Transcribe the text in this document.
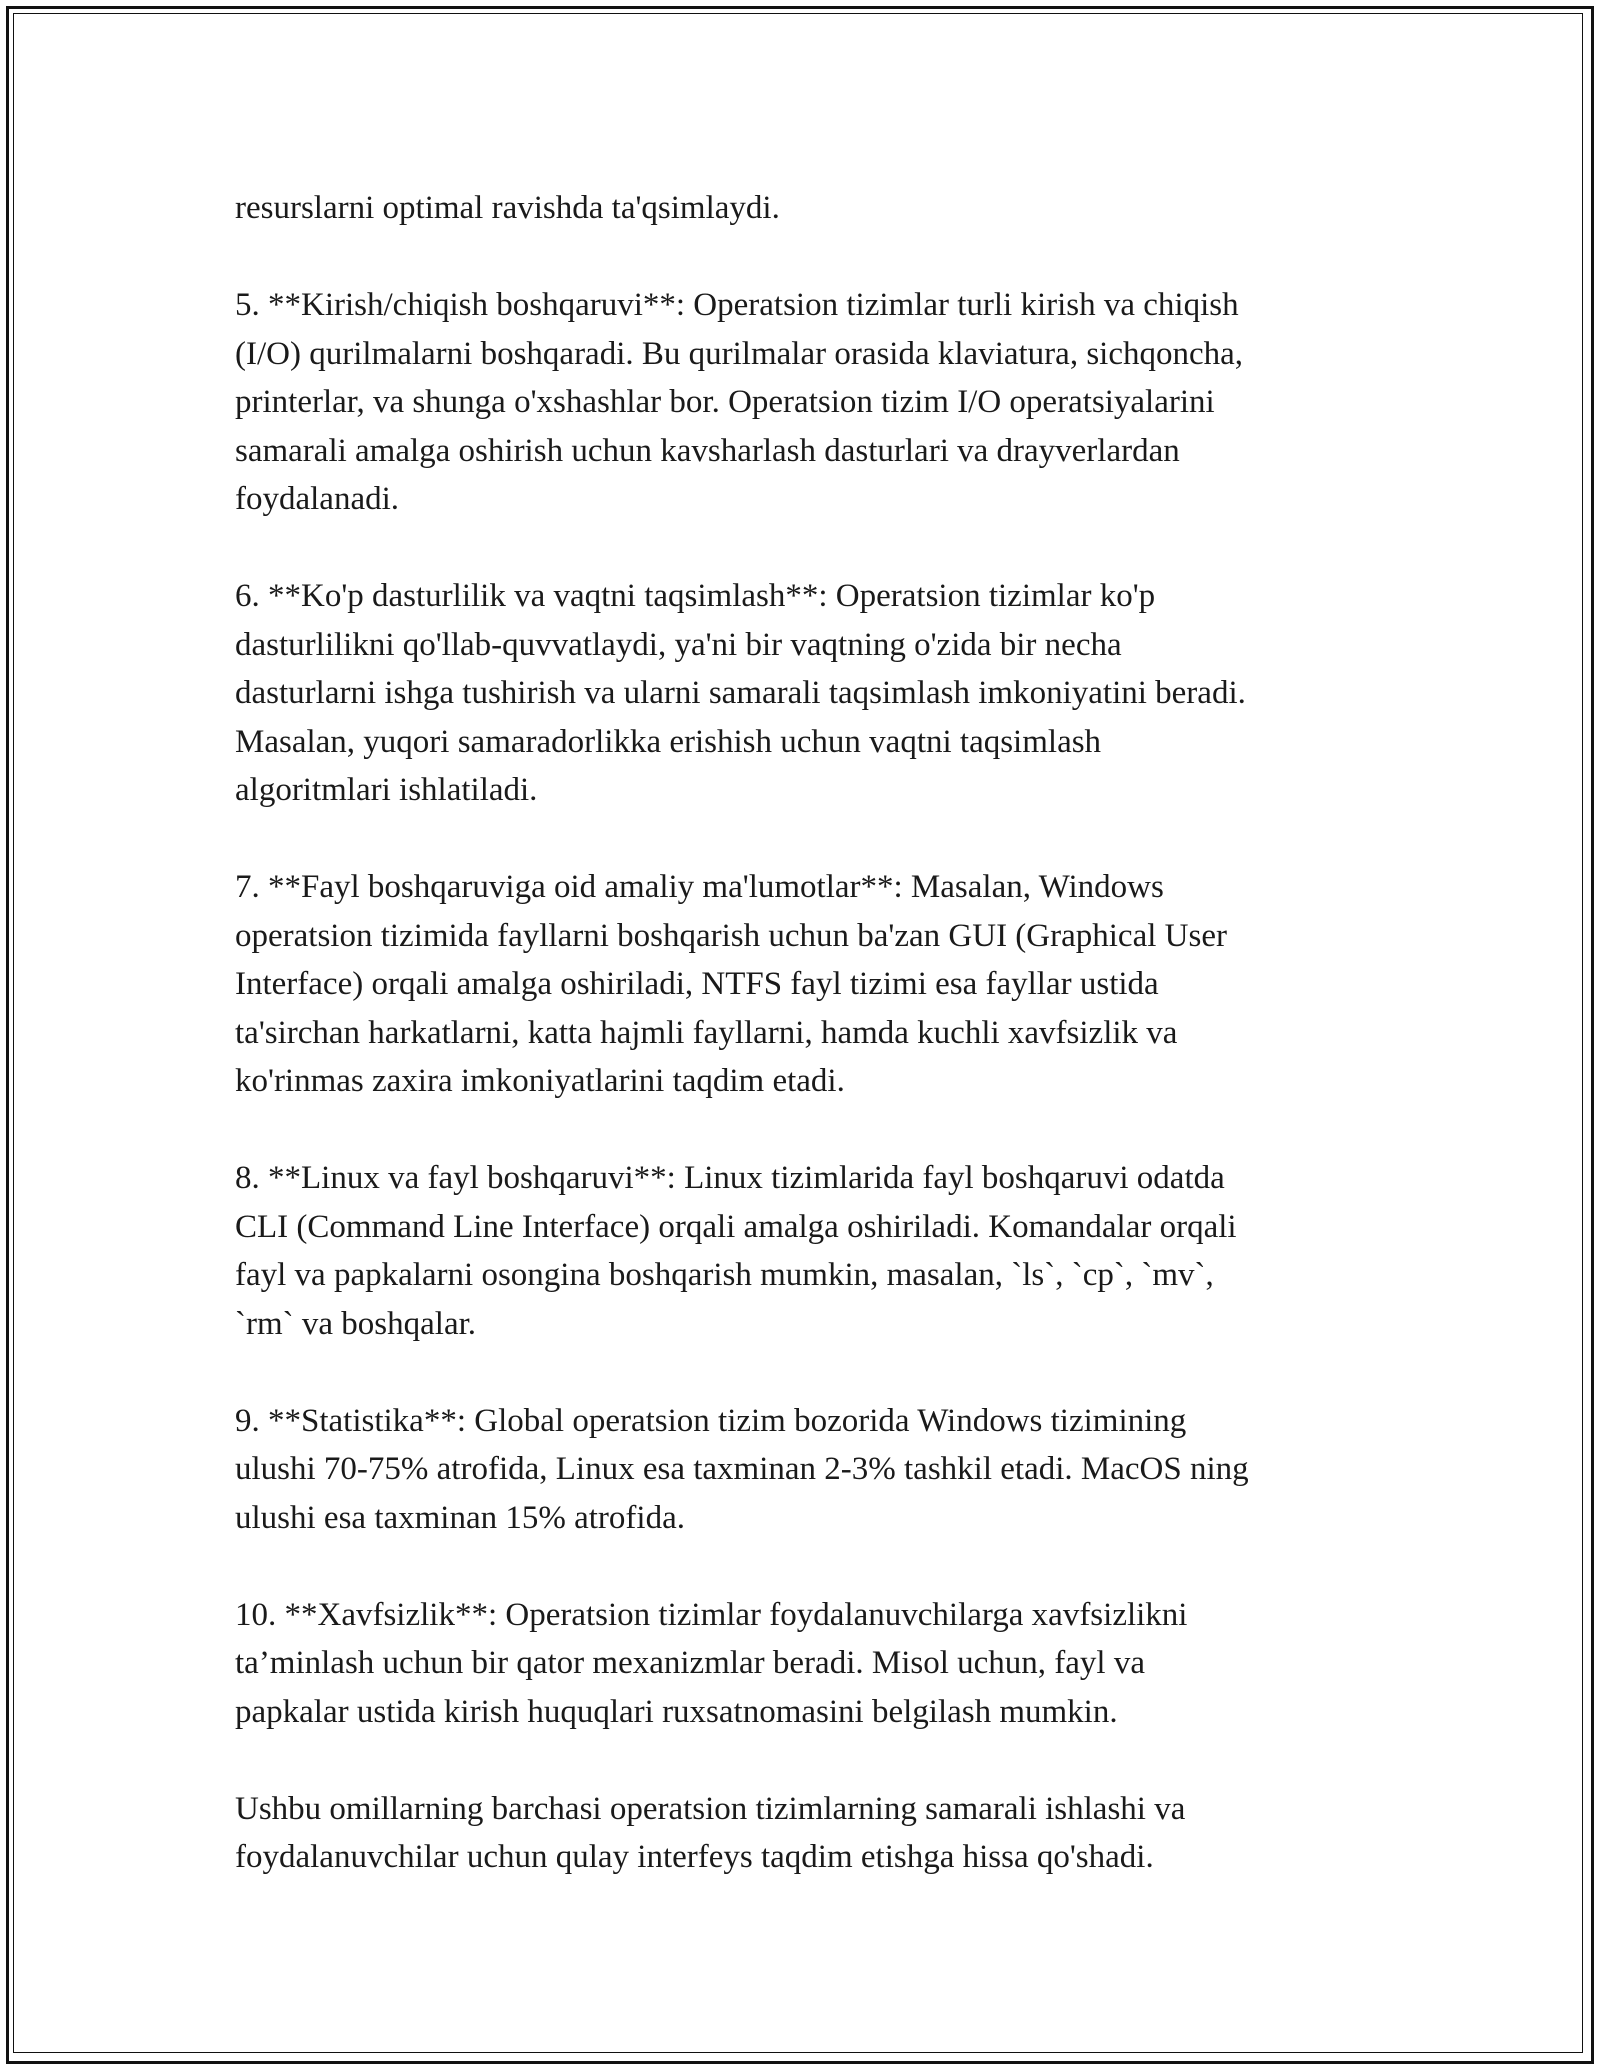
resurslarni optimal ravishda ta'qsimlaydi.

5. **Kirish/chiqish boshqaruvi**: Operatsion tizimlar turli kirish va chiqish
(I/O) qurilmalarni boshqaradi. Bu qurilmalar orasida klaviatura, sichqoncha,
printerlar, va shunga o'xshashlar bor. Operatsion tizim I/O operatsiyalarini
samarali amalga oshirish uchun kavsharlash dasturlari va drayverlardan
foydalanadi.

6. **Ko'p dasturlilik va vaqtni taqsimlash**: Operatsion tizimlar ko'p
dasturlilikni qo'llab-quvvatlaydi, ya'ni bir vaqtning o'zida bir necha
dasturlarni ishga tushirish va ularni samarali taqsimlash imkoniyatini beradi.
Masalan, yuqori samaradorlikka erishish uchun vaqtni taqsimlash
algoritmlari ishlatiladi.

7. **Fayl boshqaruviga oid amaliy ma'lumotlar**: Masalan, Windows
operatsion tizimida fayllarni boshqarish uchun ba'zan GUI (Graphical User
Interface) orqali amalga oshiriladi, NTFS fayl tizimi esa fayllar ustida
ta'sirchan harkatlarni, katta hajmli fayllarni, hamda kuchli xavfsizlik va
ko'rinmas zaxira imkoniyatlarini taqdim etadi.

8. **Linux va fayl boshqaruvi**: Linux tizimlarida fayl boshqaruvi odatda
CLI (Command Line Interface) orqali amalga oshiriladi. Komandalar orqali
fayl va papkalarni osongina boshqarish mumkin, masalan, `ls`, `cp`, `mv`,
`rm` va boshqalar.

9. **Statistika**: Global operatsion tizim bozorida Windows tizimining
ulushi 70-75% atrofida, Linux esa taxminan 2-3% tashkil etadi. MacOS ning
ulushi esa taxminan 15% atrofida.

10. **Xavfsizlik**: Operatsion tizimlar foydalanuvchilarga xavfsizlikni
ta’minlash uchun bir qator mexanizmlar beradi. Misol uchun, fayl va
papkalar ustida kirish huquqlari ruxsatnomasini belgilash mumkin.

Ushbu omillarning barchasi operatsion tizimlarning samarali ishlashi va
foydalanuvchilar uchun qulay interfeys taqdim etishga hissa qo'shadi.
